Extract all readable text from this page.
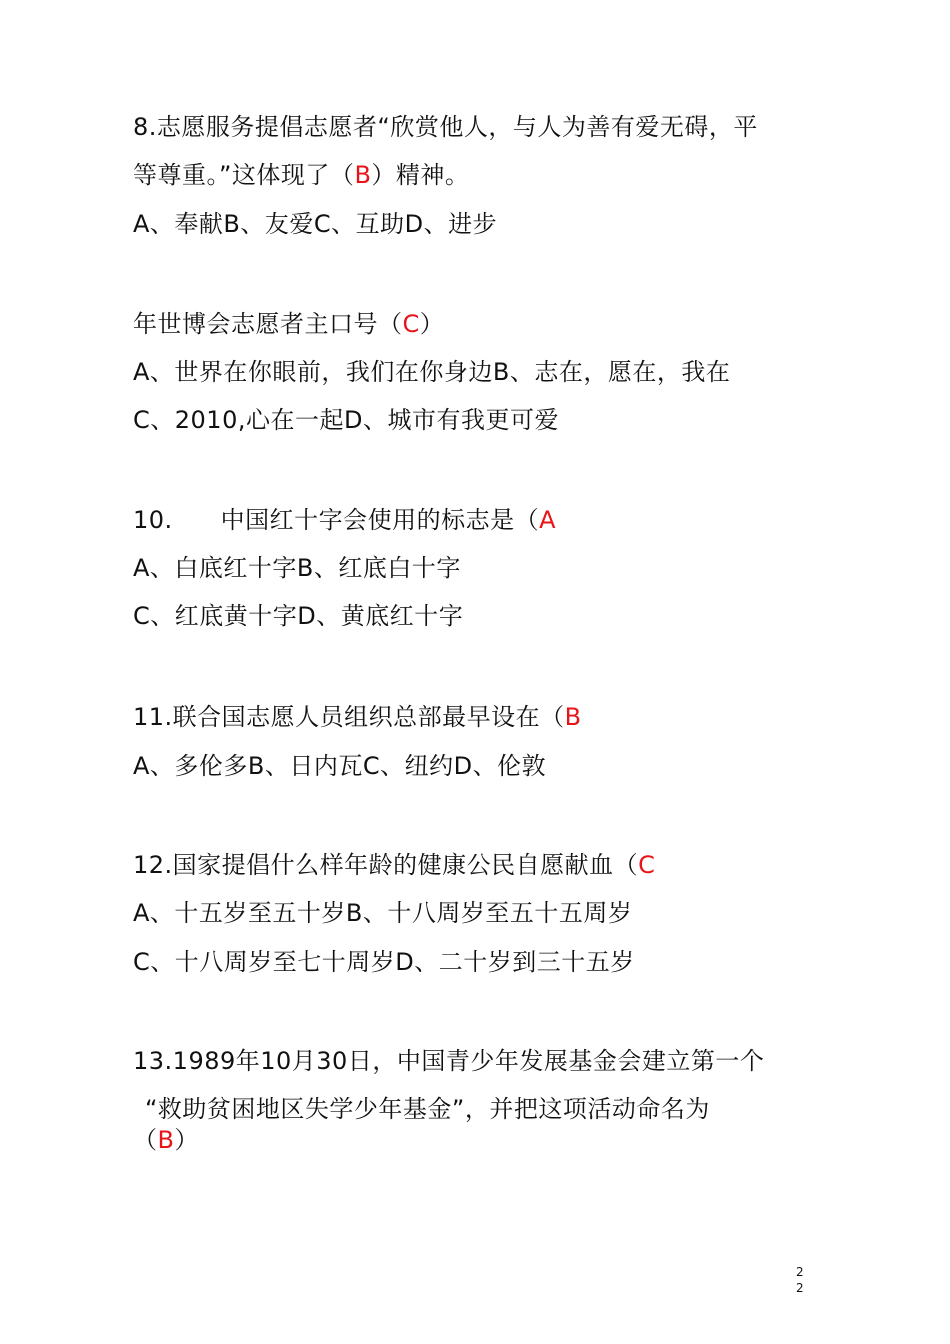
8.志愿服务提倡志愿者“欣赏他人，与人为善有爱无碍，平
等尊重。”这体现了（B）精神。
A、奉献B、友爱C、互助D、进步
年世博会志愿者主口号（C）
A、世界在你眼前，我们在你身边B、志在，愿在，我在
C、2010,心在一起D、城市有我更可爱
10. 中国红十字会使用的标志是（A
A、白底红十字B、红底白十字
C、红底黄十字D、黄底红十字
11.联合国志愿人员组织总部最早设在（B
A、多伦多B、日内瓦C、纽约D、伦敦
12.国家提倡什么样年龄的健康公民自愿献血（C
A、十五岁至五十岁B、十八周岁至五十五周岁
C、十八周岁至七十周岁D、二十岁到三十五岁
13.1989年10月30日，中国青少年发展基金会建立第一个
“救助贫困地区失学少年基金”，并把这项活动命名为
（B）
2
2
